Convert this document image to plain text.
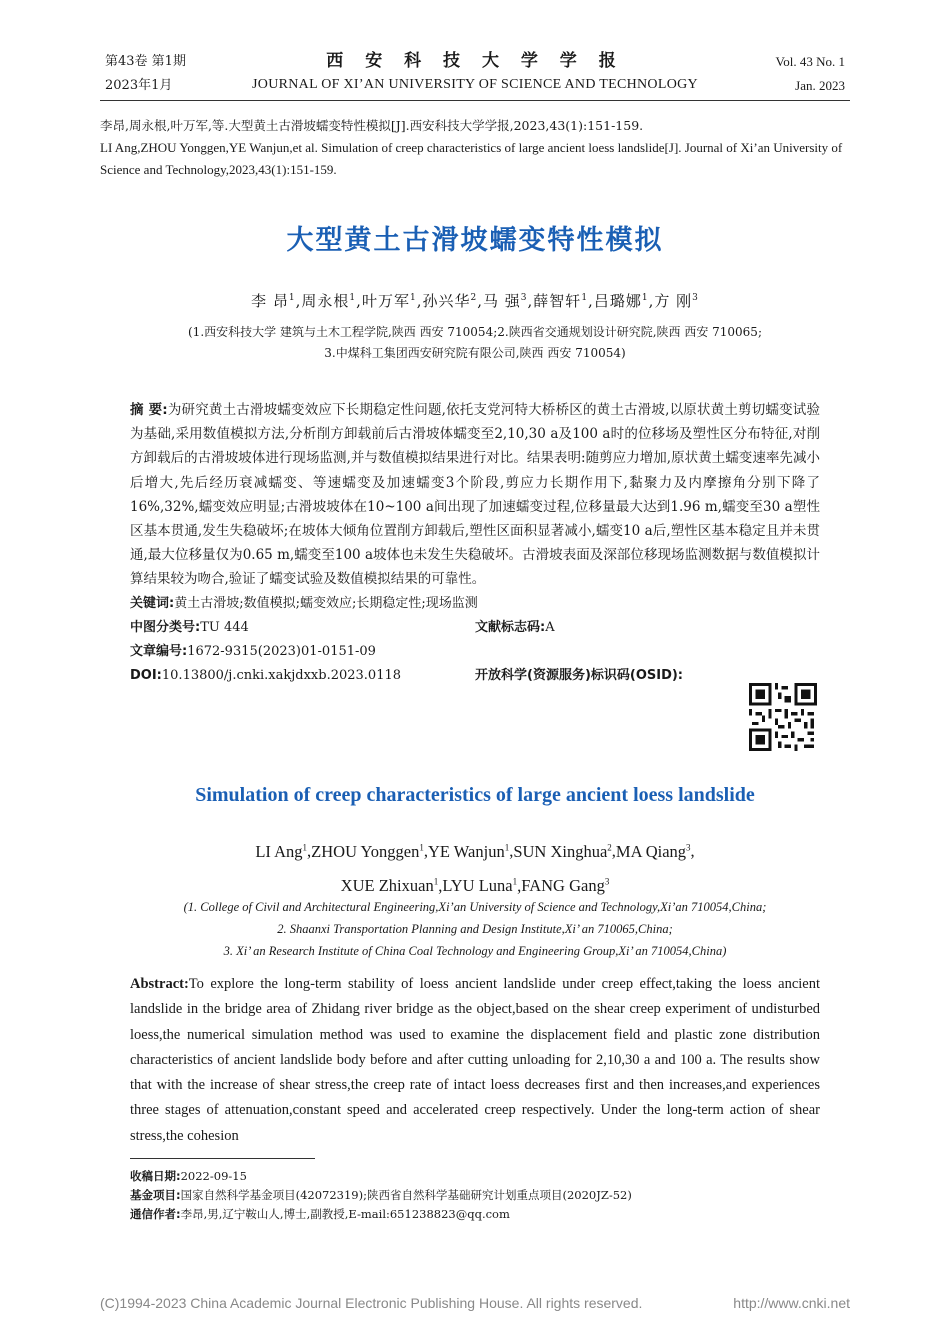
第43卷 第1期
2023年1月
西 安 科 技 大 学 学 报
JOURNAL OF XI’AN UNIVERSITY OF SCIENCE AND TECHNOLOGY
Vol. 43 No. 1
Jan. 2023
李昂,周永根,叶万军,等.大型黄土古滑坡蠕变特性模拟[J].西安科技大学学报,2023,43(1):151-159.
LI Ang,ZHOU Yonggen,YE Wanjun,et al. Simulation of creep characteristics of large ancient loess landslide[J]. Journal of Xi’an University of Science and Technology,2023,43(1):151-159.
大型黄土古滑坡蠕变特性模拟
李 昂$^1$,周永根$^1$,叶万军$^1$,孙兴华$^2$,马 强$^3$,薛智轩$^1$,吕璐娜$^1$,方 刚$^3$
(1.西安科技大学 建筑与土木工程学院,陕西 西安 710054;2.陕西省交通规划设计研究院,陕西 西安 710065;
3.中煤科工集团西安研究院有限公司,陕西 西安 710054)
摘 要:为研究黄土古滑坡蠕变效应下长期稳定性问题,依托支党河特大桥桥区的黄土古滑坡,以原状黄土剪切蠕变试验为基础,采用数值模拟方法,分析削方卸载前后古滑坡体蠕变至2,10,30 a及100 a时的位移场及塑性区分布特征,对削方卸载后的古滑坡坡体进行现场监测,并与数值模拟结果进行对比。结果表明:随剪应力增加,原状黄土蠕变速率先减小后增大,先后经历衰减蠕变、等速蠕变及加速蠕变3个阶段,剪应力长期作用下,黏聚力及内摩擦角分别下降了16%,32%,蠕变效应明显;古滑坡坡体在10~100 a间出现了加速蠕变过程,位移量最大达到1.96 m,蠕变至30 a塑性区基本贯通,发生失稳破坏;在坡体大倾角位置削方卸载后,塑性区面积显著减小,蠕变10 a后,塑性区基本稳定且并未贯通,最大位移量仅为0.65 m,蠕变至100 a坡体也未发生失稳破坏。古滑坡表面及深部位移现场监测数据与数值模拟计算结果较为吻合,验证了蠕变试验及数值模拟结果的可靠性。
关键词:黄土古滑坡;数值模拟;蠕变效应;长期稳定性;现场监测
中图分类号:TU 444	文献标志码:A
文章编号:1672-9315(2023)01-0151-09
DOI:10.13800/j.cnki.xakjdxxb.2023.0118	开放科学(资源服务)标识码(OSID):
Simulation of creep characteristics of large ancient loess landslide
LI Ang$^1$,ZHOU Yonggen$^1$,YE Wanjun$^1$,SUN Xinghua$^2$,MA Qiang$^3$,
XUE Zhixuan$^1$,LYU Luna$^1$,FANG Gang$^3$
(1. College of Civil and Architectural Engineering,Xi’an University of Science and Technology,Xi’an 710054,China;
2. Shaanxi Transportation Planning and Design Institute,Xi’ an 710065,China;
3. Xi’ an Research Institute of China Coal Technology and Engineering Group,Xi’ an 710054,China)
Abstract:To explore the long-term stability of loess ancient landslide under creep effect,taking the loess ancient landslide in the bridge area of Zhidang river bridge as the object,based on the shear creep experiment of undisturbed loess,the numerical simulation method was used to examine the displacement field and plastic zone distribution characteristics of ancient landslide body before and after cutting unloading for 2,10,30 a and 100 a. The results show that with the increase of shear stress,the creep rate of intact loess decreases first and then increases,and experiences three stages of attenuation,constant speed and accelerated creep respectively. Under the long-term action of shear stress,the cohesion
收稿日期:2022-09-15
基金项目:国家自然科学基金项目(42072319);陕西省自然科学基础研究计划重点项目(2020JZ-52)
通信作者:李昂,男,辽宁鞍山人,博士,副教授,E-mail:651238823@qq.com
(C)1994-2023 China Academic Journal Electronic Publishing House. All rights reserved.	http://www.cnki.net
